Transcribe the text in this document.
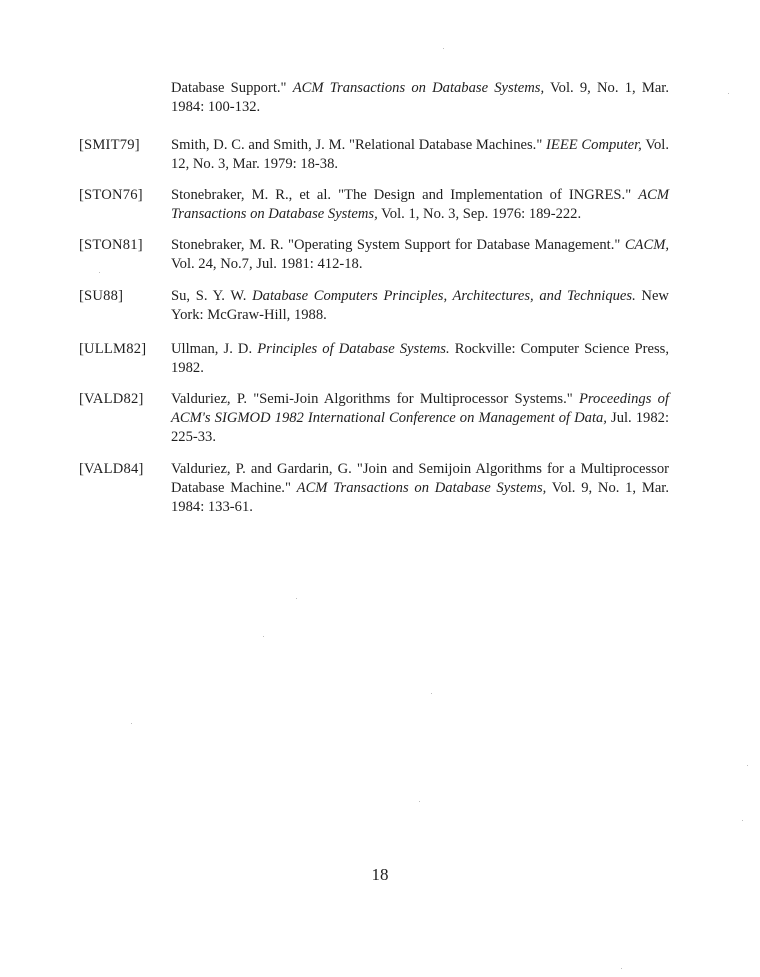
Database Support." ACM Transactions on Database Systems, Vol. 9, No. 1, Mar. 1984: 100-132.
[SMIT79] Smith, D. C. and Smith, J. M. "Relational Database Machines." IEEE Computer, Vol. 12, No. 3, Mar. 1979: 18-38.
[STON76] Stonebraker, M. R., et al. "The Design and Implementation of INGRES." ACM Transactions on Database Systems, Vol. 1, No. 3, Sep. 1976: 189-222.
[STON81] Stonebraker, M. R. "Operating System Support for Database Management." CACM, Vol. 24, No.7, Jul. 1981: 412-18.
[SU88]	Su, S. Y. W. Database Computers Principles, Architectures, and Techniques. New York: McGraw-Hill, 1988.
[ULLM82] Ullman, J. D. Principles of Database Systems. Rockville: Computer Science Press, 1982.
[VALD82] Valduriez, P. "Semi-Join Algorithms for Multiprocessor Systems." Proceedings of ACM's SIGMOD 1982 International Conference on Management of Data, Jul. 1982: 225-33.
[VALD84] Valduriez, P. and Gardarin, G. "Join and Semijoin Algorithms for a Multiprocessor Database Machine." ACM Transactions on Database Systems, Vol. 9, No. 1, Mar. 1984: 133-61.
18
